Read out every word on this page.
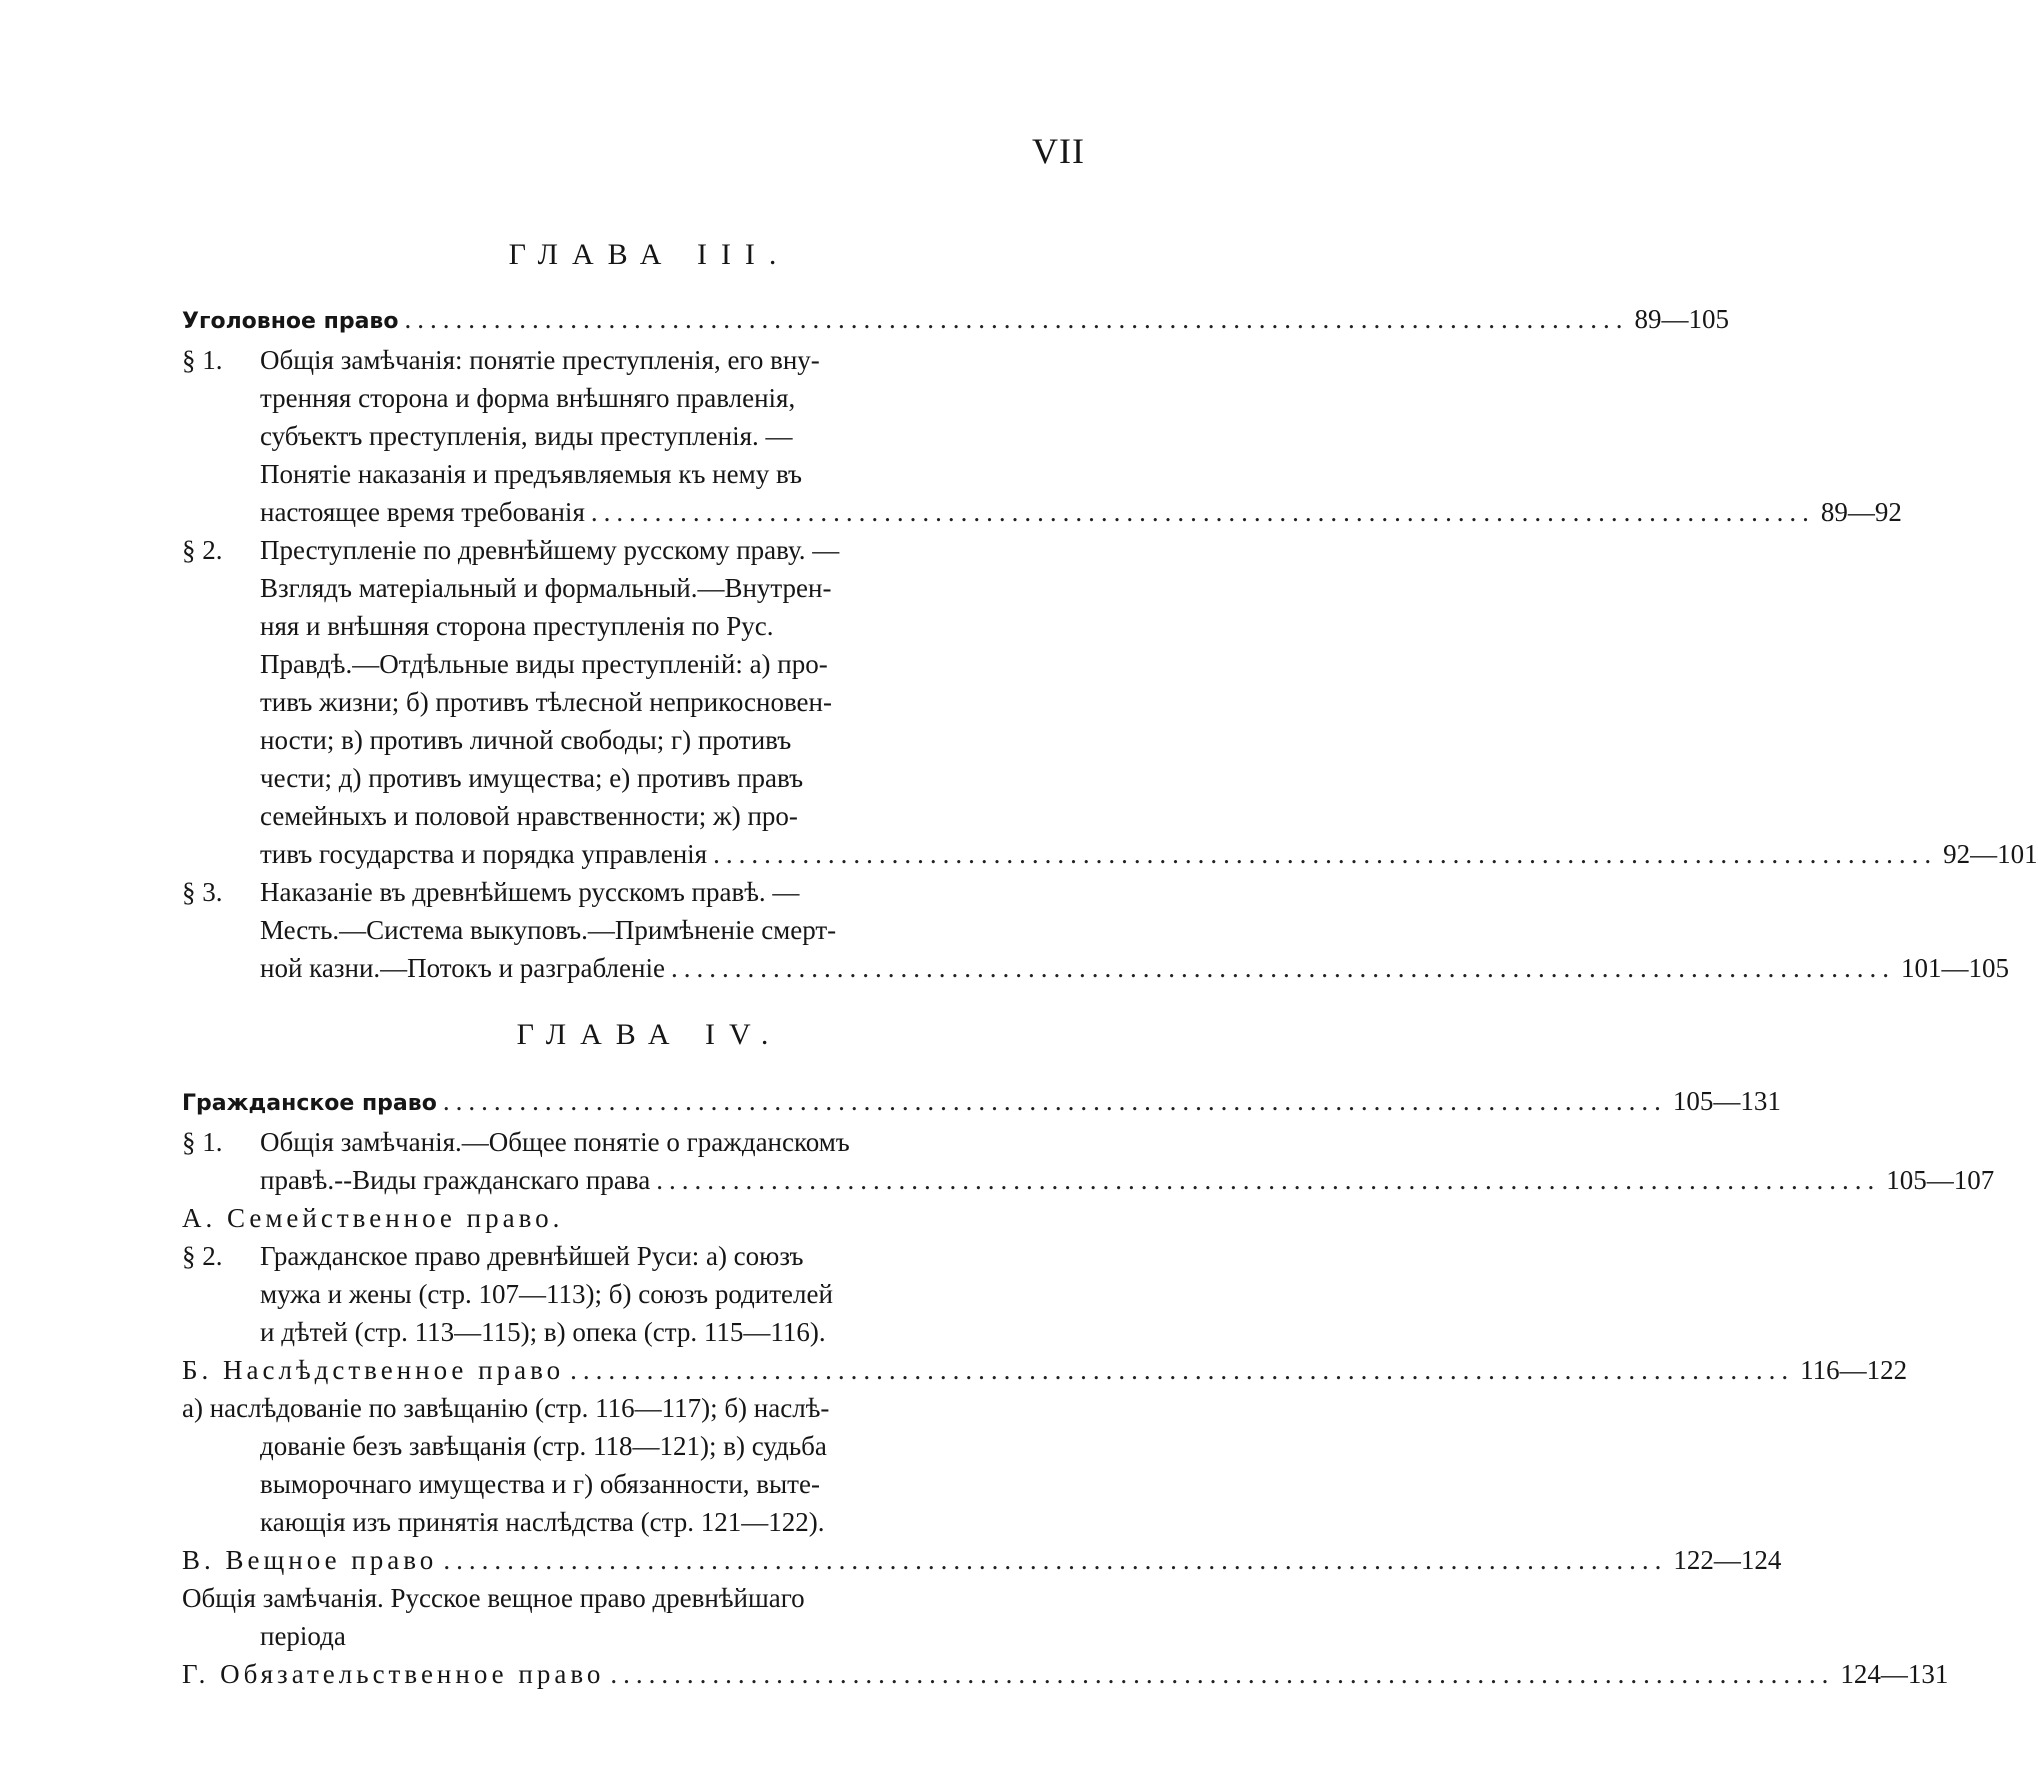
VII
ГЛАВА III.
Уголовное право ................................................................................................ 89—105
§ 1. Общія замѣчанія: понятіе преступленія, его вну-
тренняя сторона и форма внѣшняго правленія,
субъектъ преступленія, виды преступленія. —
Понятіе наказанія и предъявляемыя къ нему въ
настоящее время требованія ................................................................................................ 89—92
§ 2. Преступленіе по древнѣйшему русскому праву. —
Взглядъ матеріальный и формальный.—Внутрен-
няя и внѣшняя сторона преступленія по Рус.
Правдѣ.—Отдѣльные виды преступленій: а) про-
тивъ жизни; б) противъ тѣлесной неприкосновен-
ности; в) противъ личной свободы; г) противъ
чести; д) противъ имущества; е) противъ правъ
семейныхъ и половой нравственности; ж) про-
тивъ государства и порядка управленія ................................................................................................ 92—101
§ 3. Наказаніе въ древнѣйшемъ русскомъ правѣ. —
Месть.—Система выкуповъ.—Примѣненіе смерт-
ной казни.—Потокъ и разграбленіе ................................................................................................ 101—105
ГЛАВА IV.
Гражданское право ................................................................................................ 105—131
§ 1. Общія замѣчанія.—Общее понятіе о гражданскомъ
правѣ.--Виды гражданскаго права ................................................................................................ 105—107
А. Семейственное право.
§ 2. Гражданское право древнѣйшей Руси: а) союзъ
мужа и жены (стр. 107—113); б) союзъ родителей
и дѣтей (стр. 113—115); в) опека (стр. 115—116).
Б. Наслѣдственное право ................................................................................................ 116—122
а) наслѣдованіе по завѣщанію (стр. 116—117); б) наслѣ-
дованіе безъ завѣщанія (стр. 118—121); в) судьба
выморочнаго имущества и г) обязанности, выте-
кающія изъ принятія наслѣдства (стр. 121—122).
В. Вещное право ................................................................................................ 122—124
Общія замѣчанія. Русское вещное право древнѣйшаго
періода
Г. Обязательственное право ................................................................................................ 124—131
